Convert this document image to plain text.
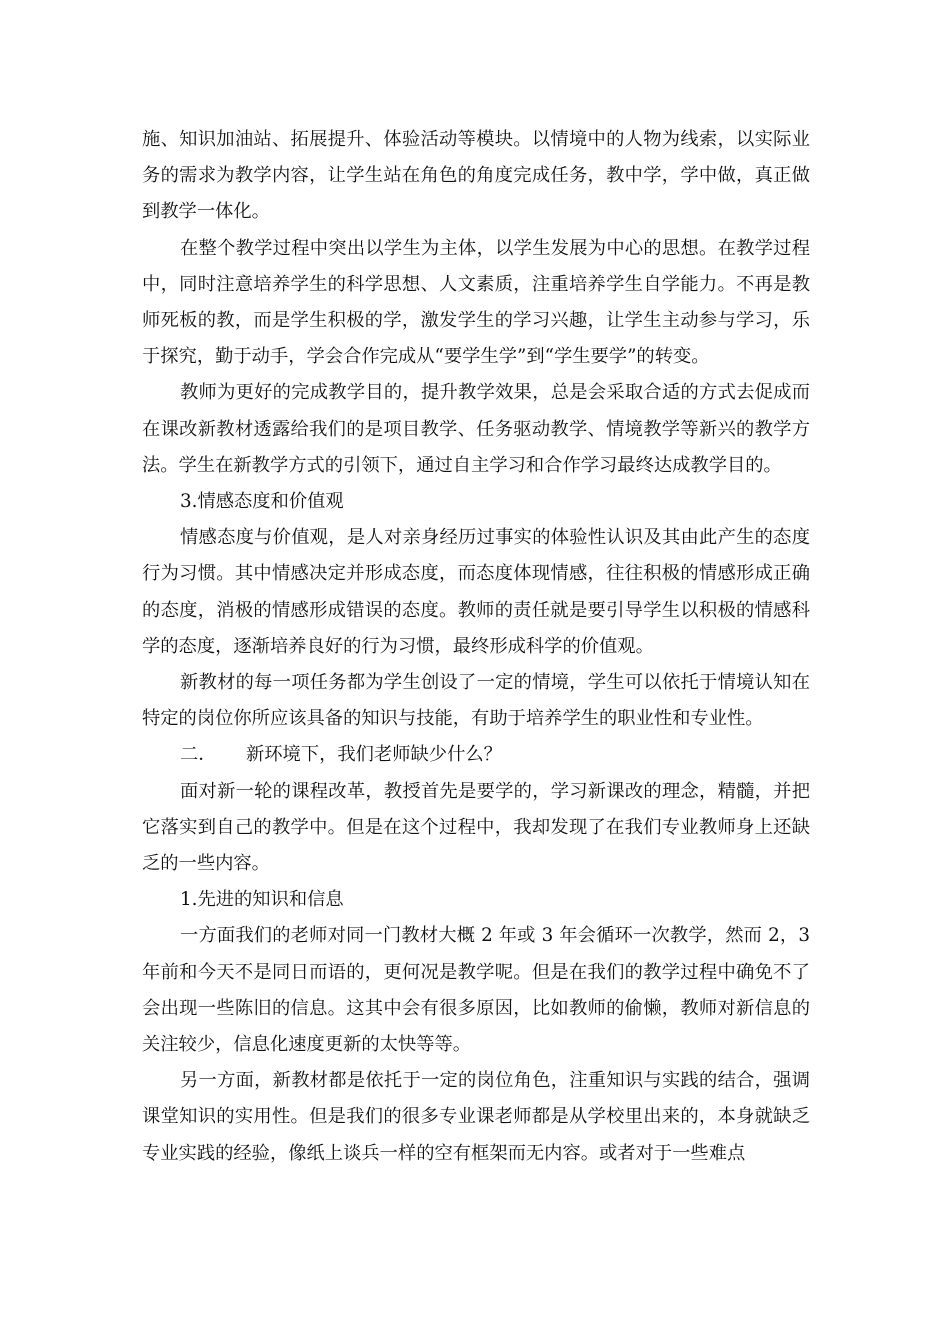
施、知识加油站、拓展提升、体验活动等模块。以情境中的人物为线索，以实际业务的需求为教学内容，让学生站在角色的角度完成任务，教中学，学中做，真正做到教学一体化。

在整个教学过程中突出以学生为主体，以学生发展为中心的思想。在教学过程中，同时注意培养学生的科学思想、人文素质，注重培养学生自学能力。不再是教师死板的教，而是学生积极的学，激发学生的学习兴趣，让学生主动参与学习，乐于探究，勤于动手，学会合作完成从“要学生学”到“学生要学”的转变。

教师为更好的完成教学目的，提升教学效果，总是会采取合适的方式去促成而在课改新教材透露给我们的是项目教学、任务驱动教学、情境教学等新兴的教学方法。学生在新教学方式的引领下，通过自主学习和合作学习最终达成教学目的。

3.情感态度和价值观

情感态度与价值观，是人对亲身经历过事实的体验性认识及其由此产生的态度行为习惯。其中情感决定并形成态度，而态度体现情感，往往积极的情感形成正确的态度，消极的情感形成错误的态度。教师的责任就是要引导学生以积极的情感科学的态度，逐渐培养良好的行为习惯，最终形成科学的价值观。

新教材的每一项任务都为学生创设了一定的情境，学生可以依托于情境认知在特定的岗位你所应该具备的知识与技能，有助于培养学生的职业性和专业性。

二． 新环境下，我们老师缺少什么？

面对新一轮的课程改革，教授首先是要学的，学习新课改的理念，精髓，并把它落实到自己的教学中。但是在这个过程中，我却发现了在我们专业教师身上还缺乏的一些内容。

1.先进的知识和信息

一方面我们的老师对同一门教材大概 2 年或 3 年会循环一次教学，然而 2，3 年前和今天不是同日而语的，更何况是教学呢。但是在我们的教学过程中确免不了会出现一些陈旧的信息。这其中会有很多原因，比如教师的偷懒，教师对新信息的关注较少，信息化速度更新的太快等等。

另一方面，新教材都是依托于一定的岗位角色，注重知识与实践的结合，强调课堂知识的实用性。但是我们的很多专业课老师都是从学校里出来的，本身就缺乏专业实践的经验，像纸上谈兵一样的空有框架而无内容。或者对于一些难点
